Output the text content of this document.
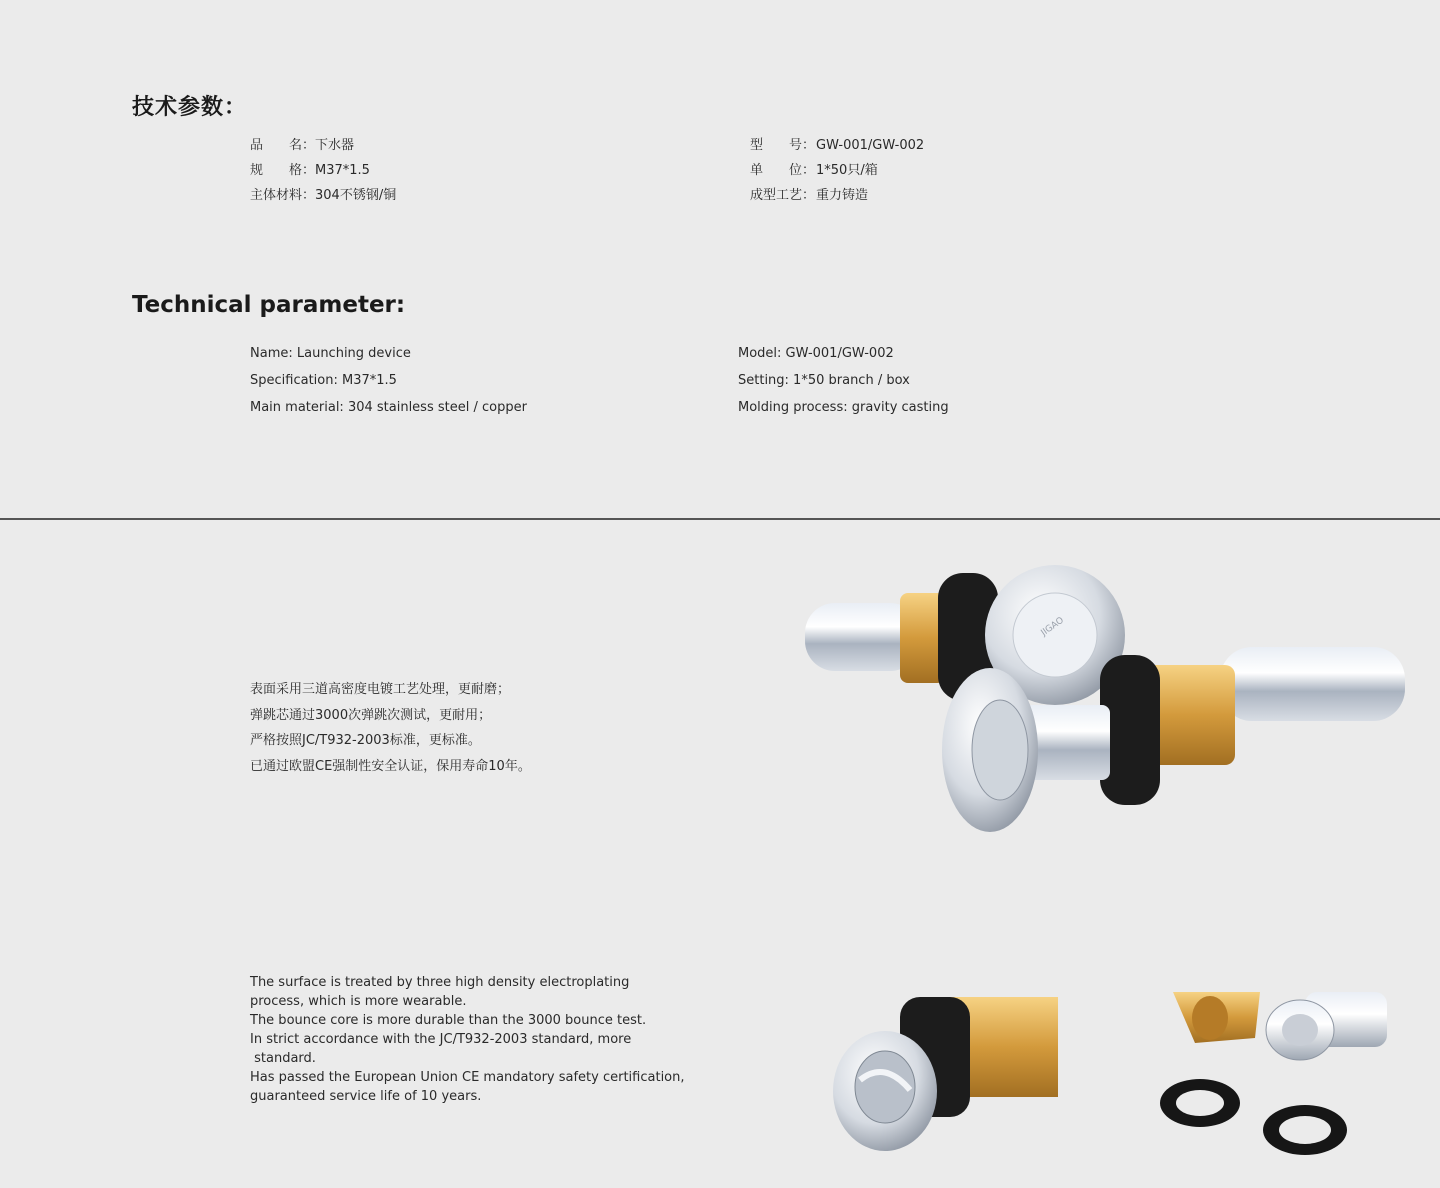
技术参数：
品　　名：下水器
规　　格：M37*1.5
主体材料：304不锈钢/铜
型　　号：GW-001/GW-002
单　　位：1*50只/箱
成型工艺：重力铸造
Technical parameter:
Name: Launching device
Specification: M37*1.5
Main material: 304 stainless steel / copper
Model: GW-001/GW-002
Setting: 1*50 branch / box
Molding process: gravity casting
表面采用三道高密度电镀工艺处理，更耐磨；
弹跳芯通过3000次弹跳次测试，更耐用；
严格按照JC/T932-2003标准，更标准。
已通过欧盟CE强制性安全认证，保用寿命10年。
The surface is treated by three high density electroplating
process, which is more wearable.
The bounce core is more durable than the 3000 bounce test.
In strict accordance with the JC/T932-2003 standard, more
standard.
Has passed the European Union CE mandatory safety certification,
guaranteed service life of 10 years.
JIGAO
